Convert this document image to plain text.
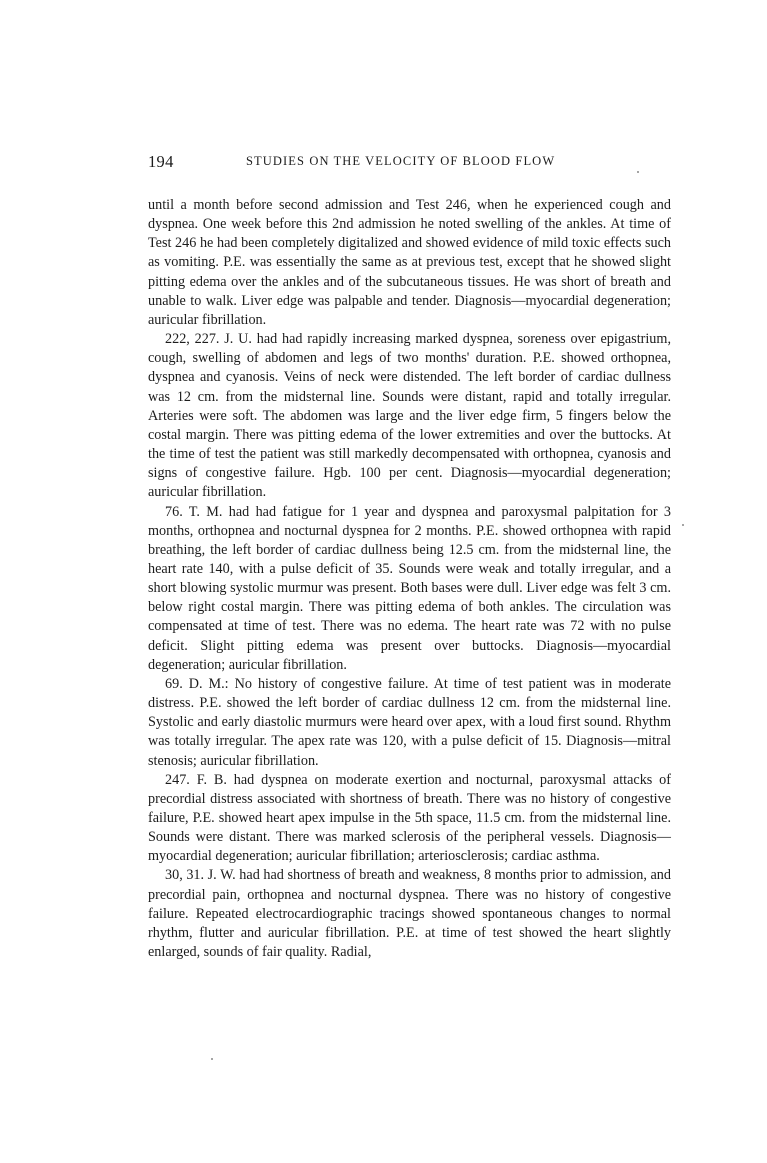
194	STUDIES ON THE VELOCITY OF BLOOD FLOW

until a month before second admission and Test 246, when he experienced cough and dyspnea. One week before this 2nd admission he noted swelling of the ankles. At time of Test 246 he had been completely digitalized and showed evidence of mild toxic effects such as vomiting. P.E. was essentially the same as at previous test, except that he showed slight pitting edema over the ankles and of the subcutaneous tissues. He was short of breath and unable to walk. Liver edge was palpable and tender. Diagnosis—myocardial degeneration; auricular fibrillation.

222, 227. J. U. had had rapidly increasing marked dyspnea, soreness over epigastrium, cough, swelling of abdomen and legs of two months' duration. P.E. showed orthopnea, dyspnea and cyanosis. Veins of neck were distended. The left border of cardiac dullness was 12 cm. from the midsternal line. Sounds were distant, rapid and totally irregular. Arteries were soft. The abdomen was large and the liver edge firm, 5 fingers below the costal margin. There was pitting edema of the lower extremities and over the buttocks. At the time of test the patient was still markedly decompensated with orthopnea, cyanosis and signs of congestive failure. Hgb. 100 per cent. Diagnosis—myocardial degeneration; auricular fibrillation.

76. T. M. had had fatigue for 1 year and dyspnea and paroxysmal palpitation for 3 months, orthopnea and nocturnal dyspnea for 2 months. P.E. showed orthopnea with rapid breathing, the left border of cardiac dullness being 12.5 cm. from the midsternal line, the heart rate 140, with a pulse deficit of 35. Sounds were weak and totally irregular, and a short blowing systolic murmur was present. Both bases were dull. Liver edge was felt 3 cm. below right costal margin. There was pitting edema of both ankles. The circulation was compensated at time of test. There was no edema. The heart rate was 72 with no pulse deficit. Slight pitting edema was present over buttocks. Diagnosis—myocardial degeneration; auricular fibrillation.

69. D. M.: No history of congestive failure. At time of test patient was in moderate distress. P.E. showed the left border of cardiac dullness 12 cm. from the midsternal line. Systolic and early diastolic murmurs were heard over apex, with a loud first sound. Rhythm was totally irregular. The apex rate was 120, with a pulse deficit of 15. Diagnosis—mitral stenosis; auricular fibrillation.

247. F. B. had dyspnea on moderate exertion and nocturnal, paroxysmal attacks of precordial distress associated with shortness of breath. There was no history of congestive failure, P.E. showed heart apex impulse in the 5th space, 11.5 cm. from the midsternal line. Sounds were distant. There was marked sclerosis of the peripheral vessels. Diagnosis—myocardial degeneration; auricular fibrillation; arteriosclerosis; cardiac asthma.

30, 31. J. W. had had shortness of breath and weakness, 8 months prior to admission, and precordial pain, orthopnea and nocturnal dyspnea. There was no history of congestive failure. Repeated electrocardiographic tracings showed spontaneous changes to normal rhythm, flutter and auricular fibrillation. P.E. at time of test showed the heart slightly enlarged, sounds of fair quality. Radial,
